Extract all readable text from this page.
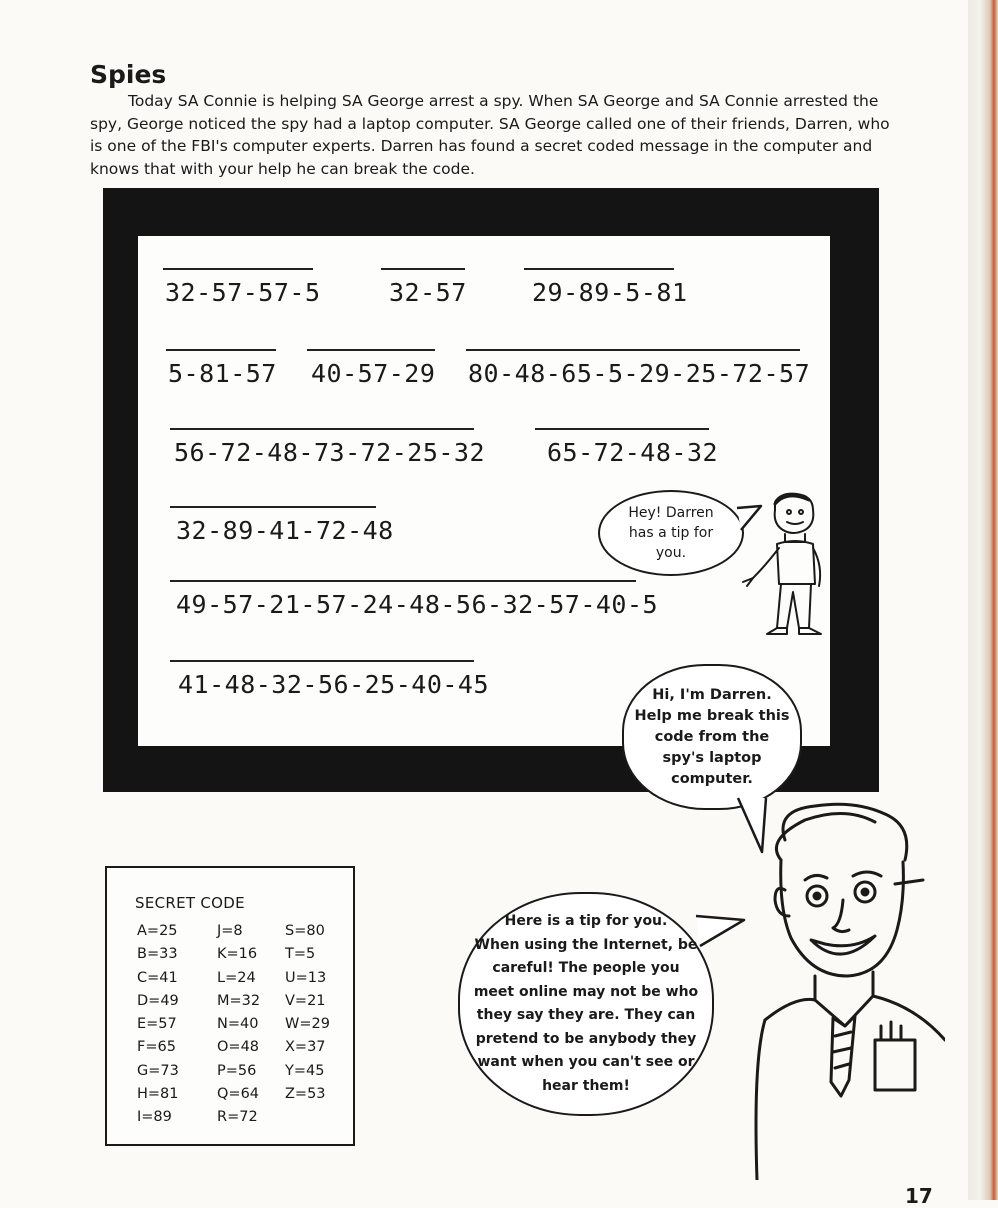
Spies

Today SA Connie is helping SA George arrest a spy. When SA George and SA Connie arrested the spy, George noticed the spy had a laptop computer. SA George called one of their friends, Darren, who is one of the FBI's computer experts. Darren has found a secret coded message in the computer and knows that with your help he can break the code.

32-57-57-5	32-57	29-89-5-81
5-81-57 40-57-29 80-48-65-5-29-25-72-57
56-72-48-73-72-25-32 65-72-48-32
32-89-41-72-48
49-57-21-57-24-48-56-32-57-40-5
41-48-32-56-25-40-45
Hey! Darren
has a tip for
you.
Hi, I'm Darren.
Help me break this
code from the
spy's laptop
computer.
Here is a tip for you.
When using the Internet, be
careful! The people you
meet online may not be who
they say they are. They can
pretend to be anybody they
want when you can't see or
hear them!
SECRET CODE
A=25
B=33
C=41
D=49
E=57
F=65
G=73
H=81
I=89
J=8
K=16
L=24
M=32
N=40
O=48
P=56
Q=64
R=72
S=80
T=5
U=13
V=21
W=29
X=37
Y=45
Z=53
17
